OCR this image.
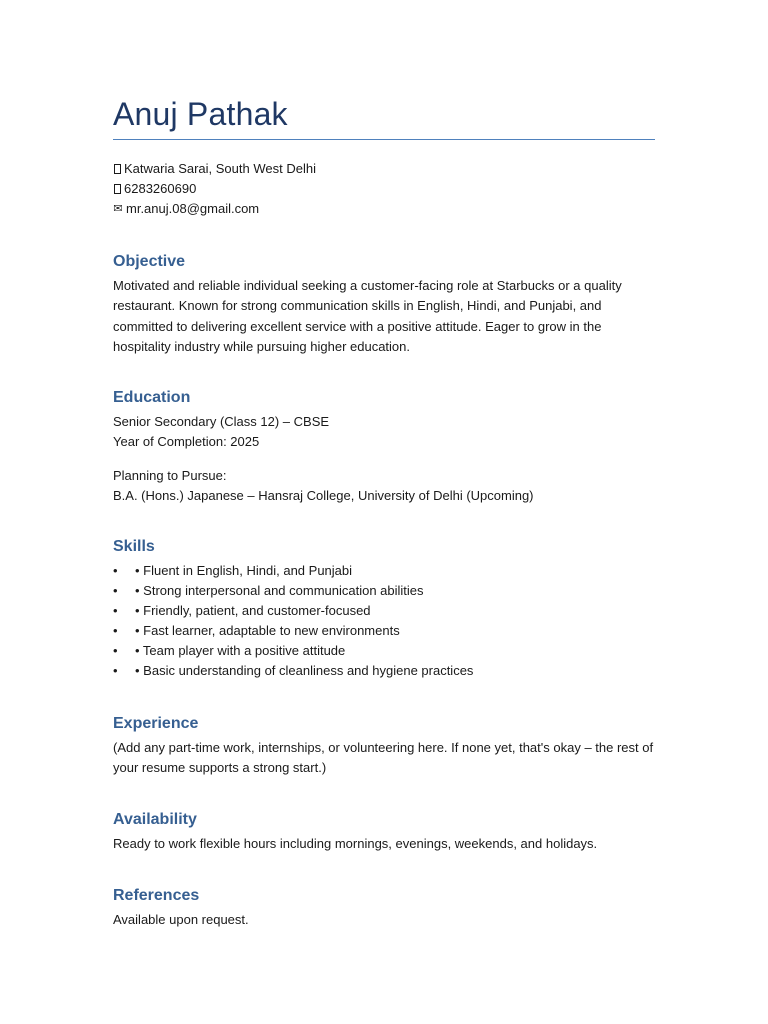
Anuj Pathak
Katwaria Sarai, South West Delhi
6283260690
✉ mr.anuj.08@gmail.com
Objective

Motivated and reliable individual seeking a customer-facing role at Starbucks or a quality restaurant. Known for strong communication skills in English, Hindi, and Punjabi, and committed to delivering excellent service with a positive attitude. Eager to grow in the hospitality industry while pursuing higher education.

Education

Senior Secondary (Class 12) – CBSE

Year of Completion: 2025

Planning to Pursue:

B.A. (Hons.) Japanese – Hansraj College, University of Delhi (Upcoming)

Skills
• • Fluent in English, Hindi, and Punjabi
• • Strong interpersonal and communication abilities
• • Friendly, patient, and customer-focused
• • Fast learner, adaptable to new environments
• • Team player with a positive attitude
• • Basic understanding of cleanliness and hygiene practices
Experience

(Add any part-time work, internships, or volunteering here. If none yet, that's okay – the rest of your resume supports a strong start.)

Availability

Ready to work flexible hours including mornings, evenings, weekends, and holidays.

References

Available upon request.
